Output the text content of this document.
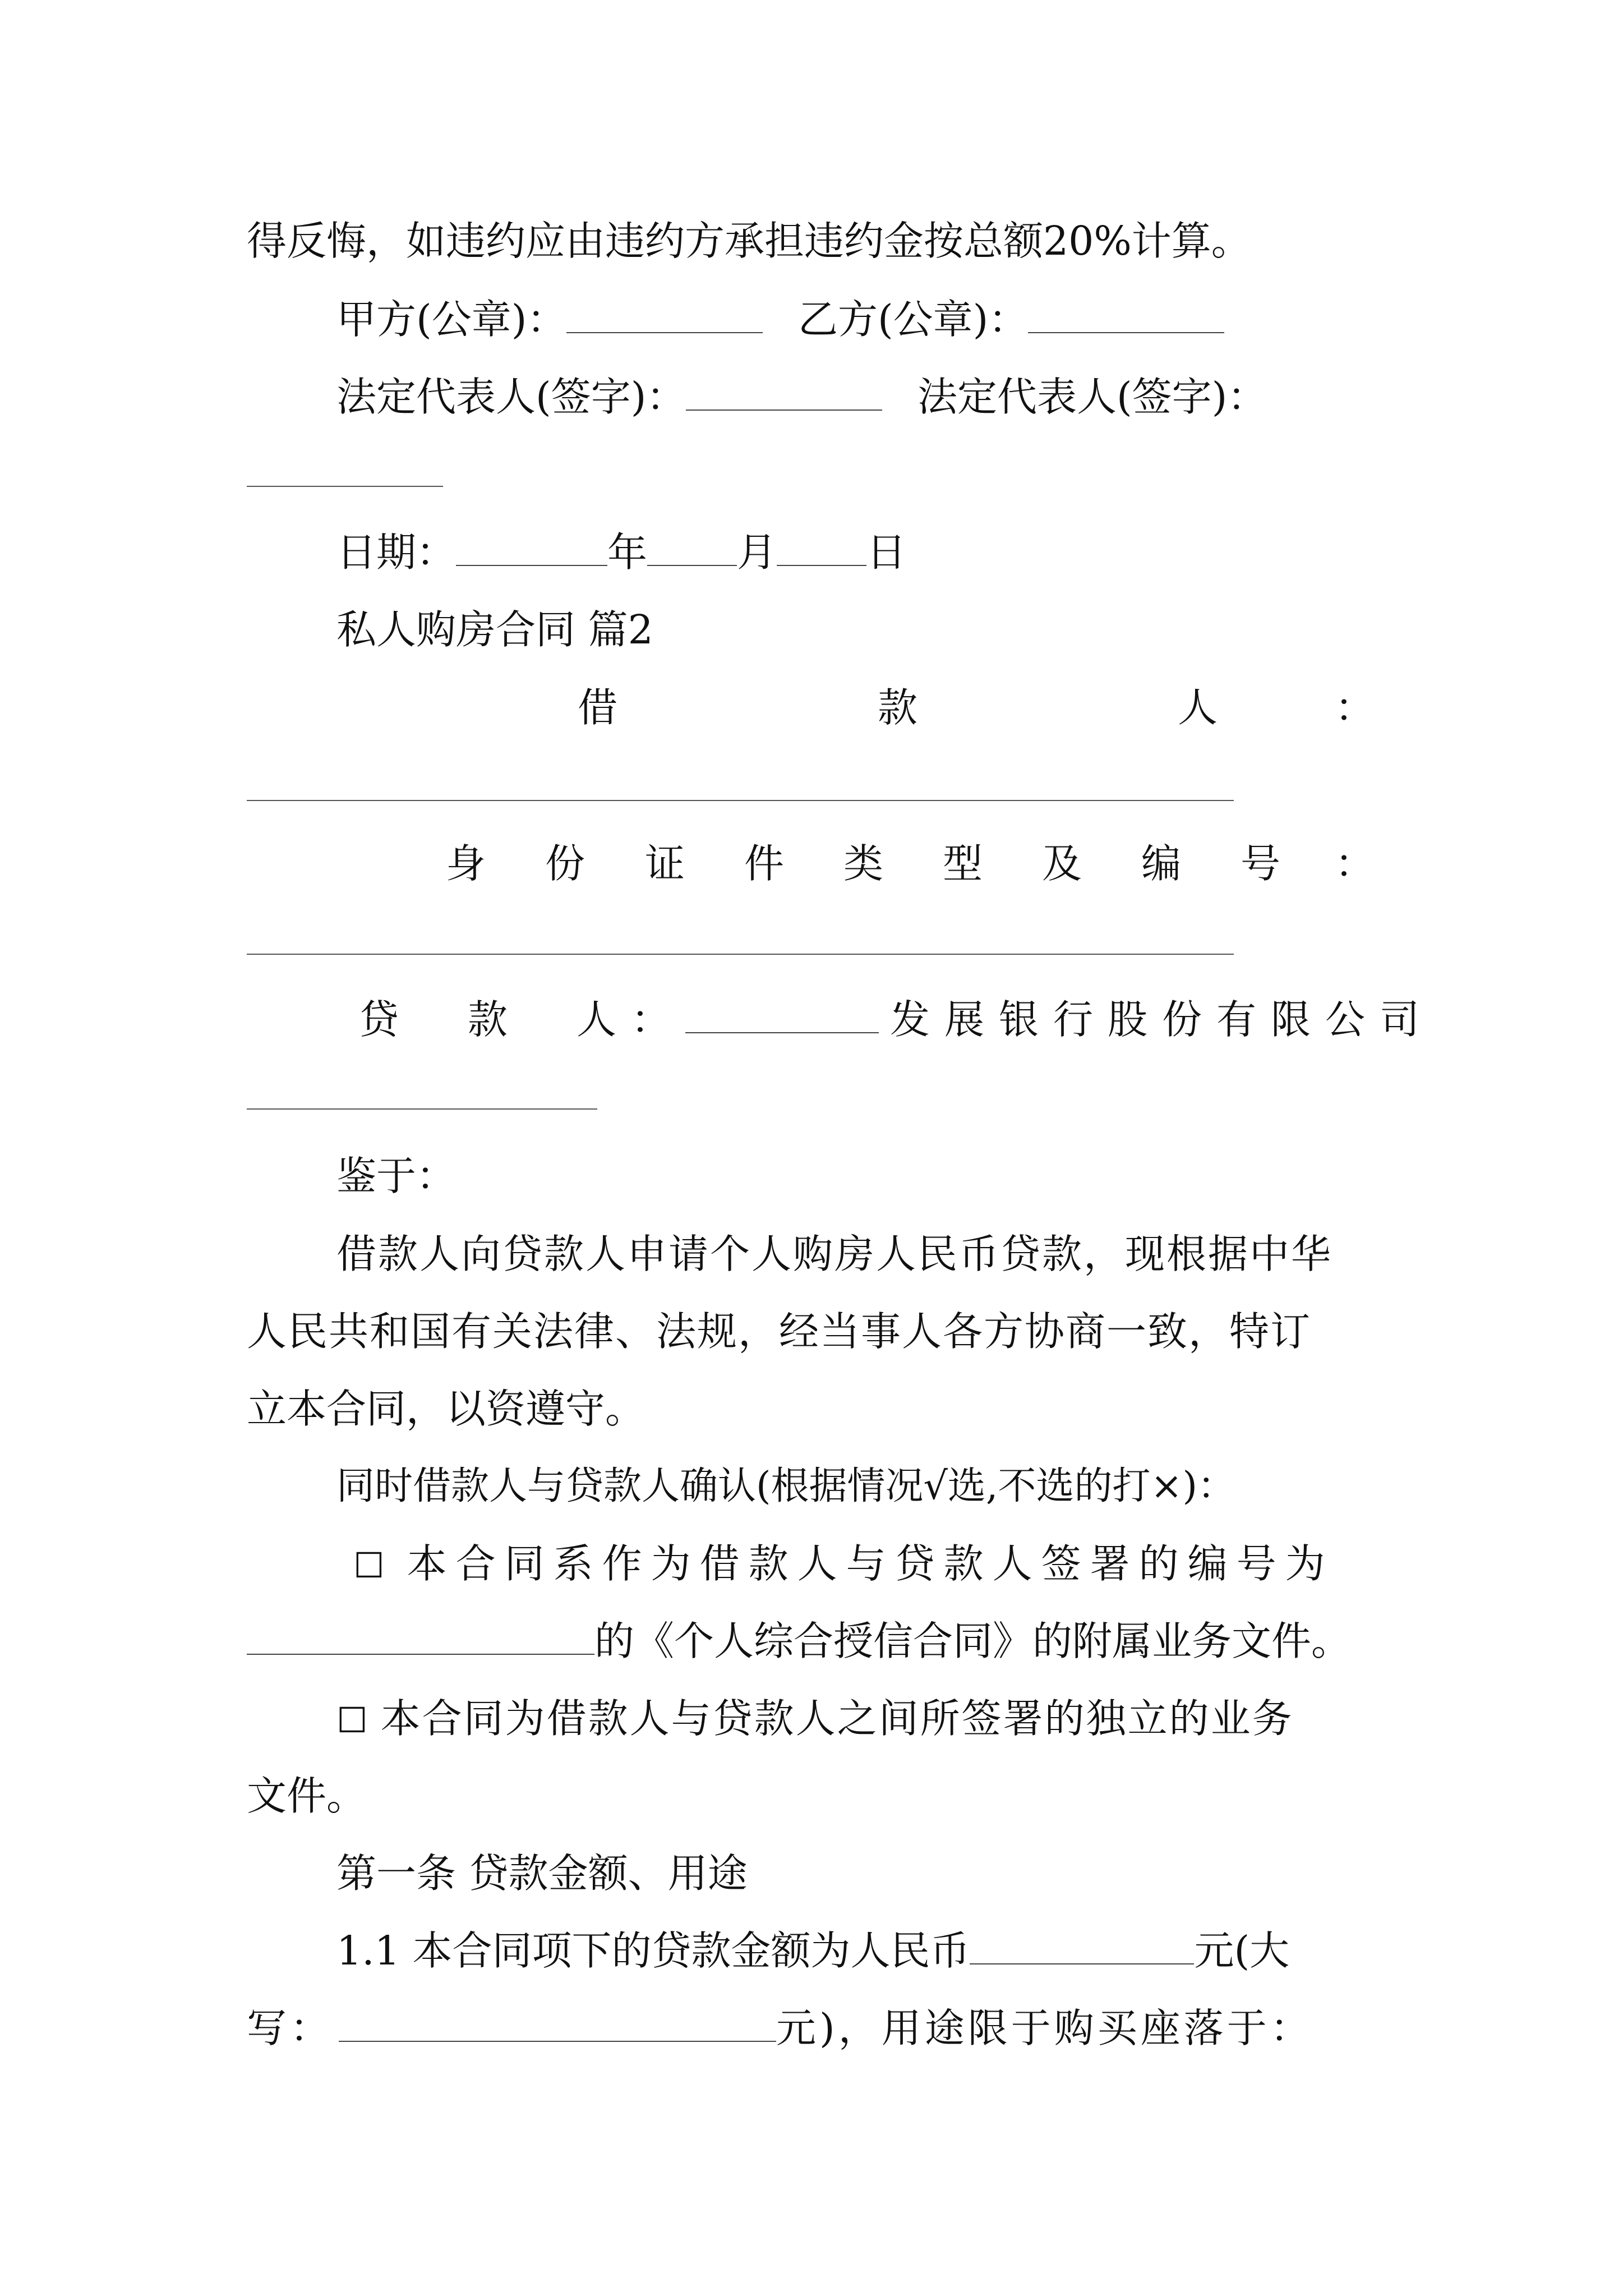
得反悔，如违约应由违约方承担违约金按总额20%计算。
甲方(公章)：	乙方(公章)：
法定代表人(签字)：	法定代表人(签字)：
日期：	年 月 日
私人购房合同 篇2
借	款	人	：
身 份 证 件 类 型 及 编 号 ：
贷　款　人：	发展银行股份有限公司
鉴于：
借款人向贷款人申请个人购房人民币贷款，现根据中华
人民共和国有关法律、法规，经当事人各方协商一致，特订
立本合同，以资遵守。
同时借款人与贷款人确认(根据情况√选,不选的打×)：
☐ 本合同系作为借款人与贷款人签署的编号为
的《个人综合授信合同》的附属业务文件。
☐ 本合同为借款人与贷款人之间所签署的独立的业务
文件。
第一条 贷款金额、用途
1.1 本合同项下的贷款金额为人民币	元(大
写：	元)，用途限于购买座落于：
